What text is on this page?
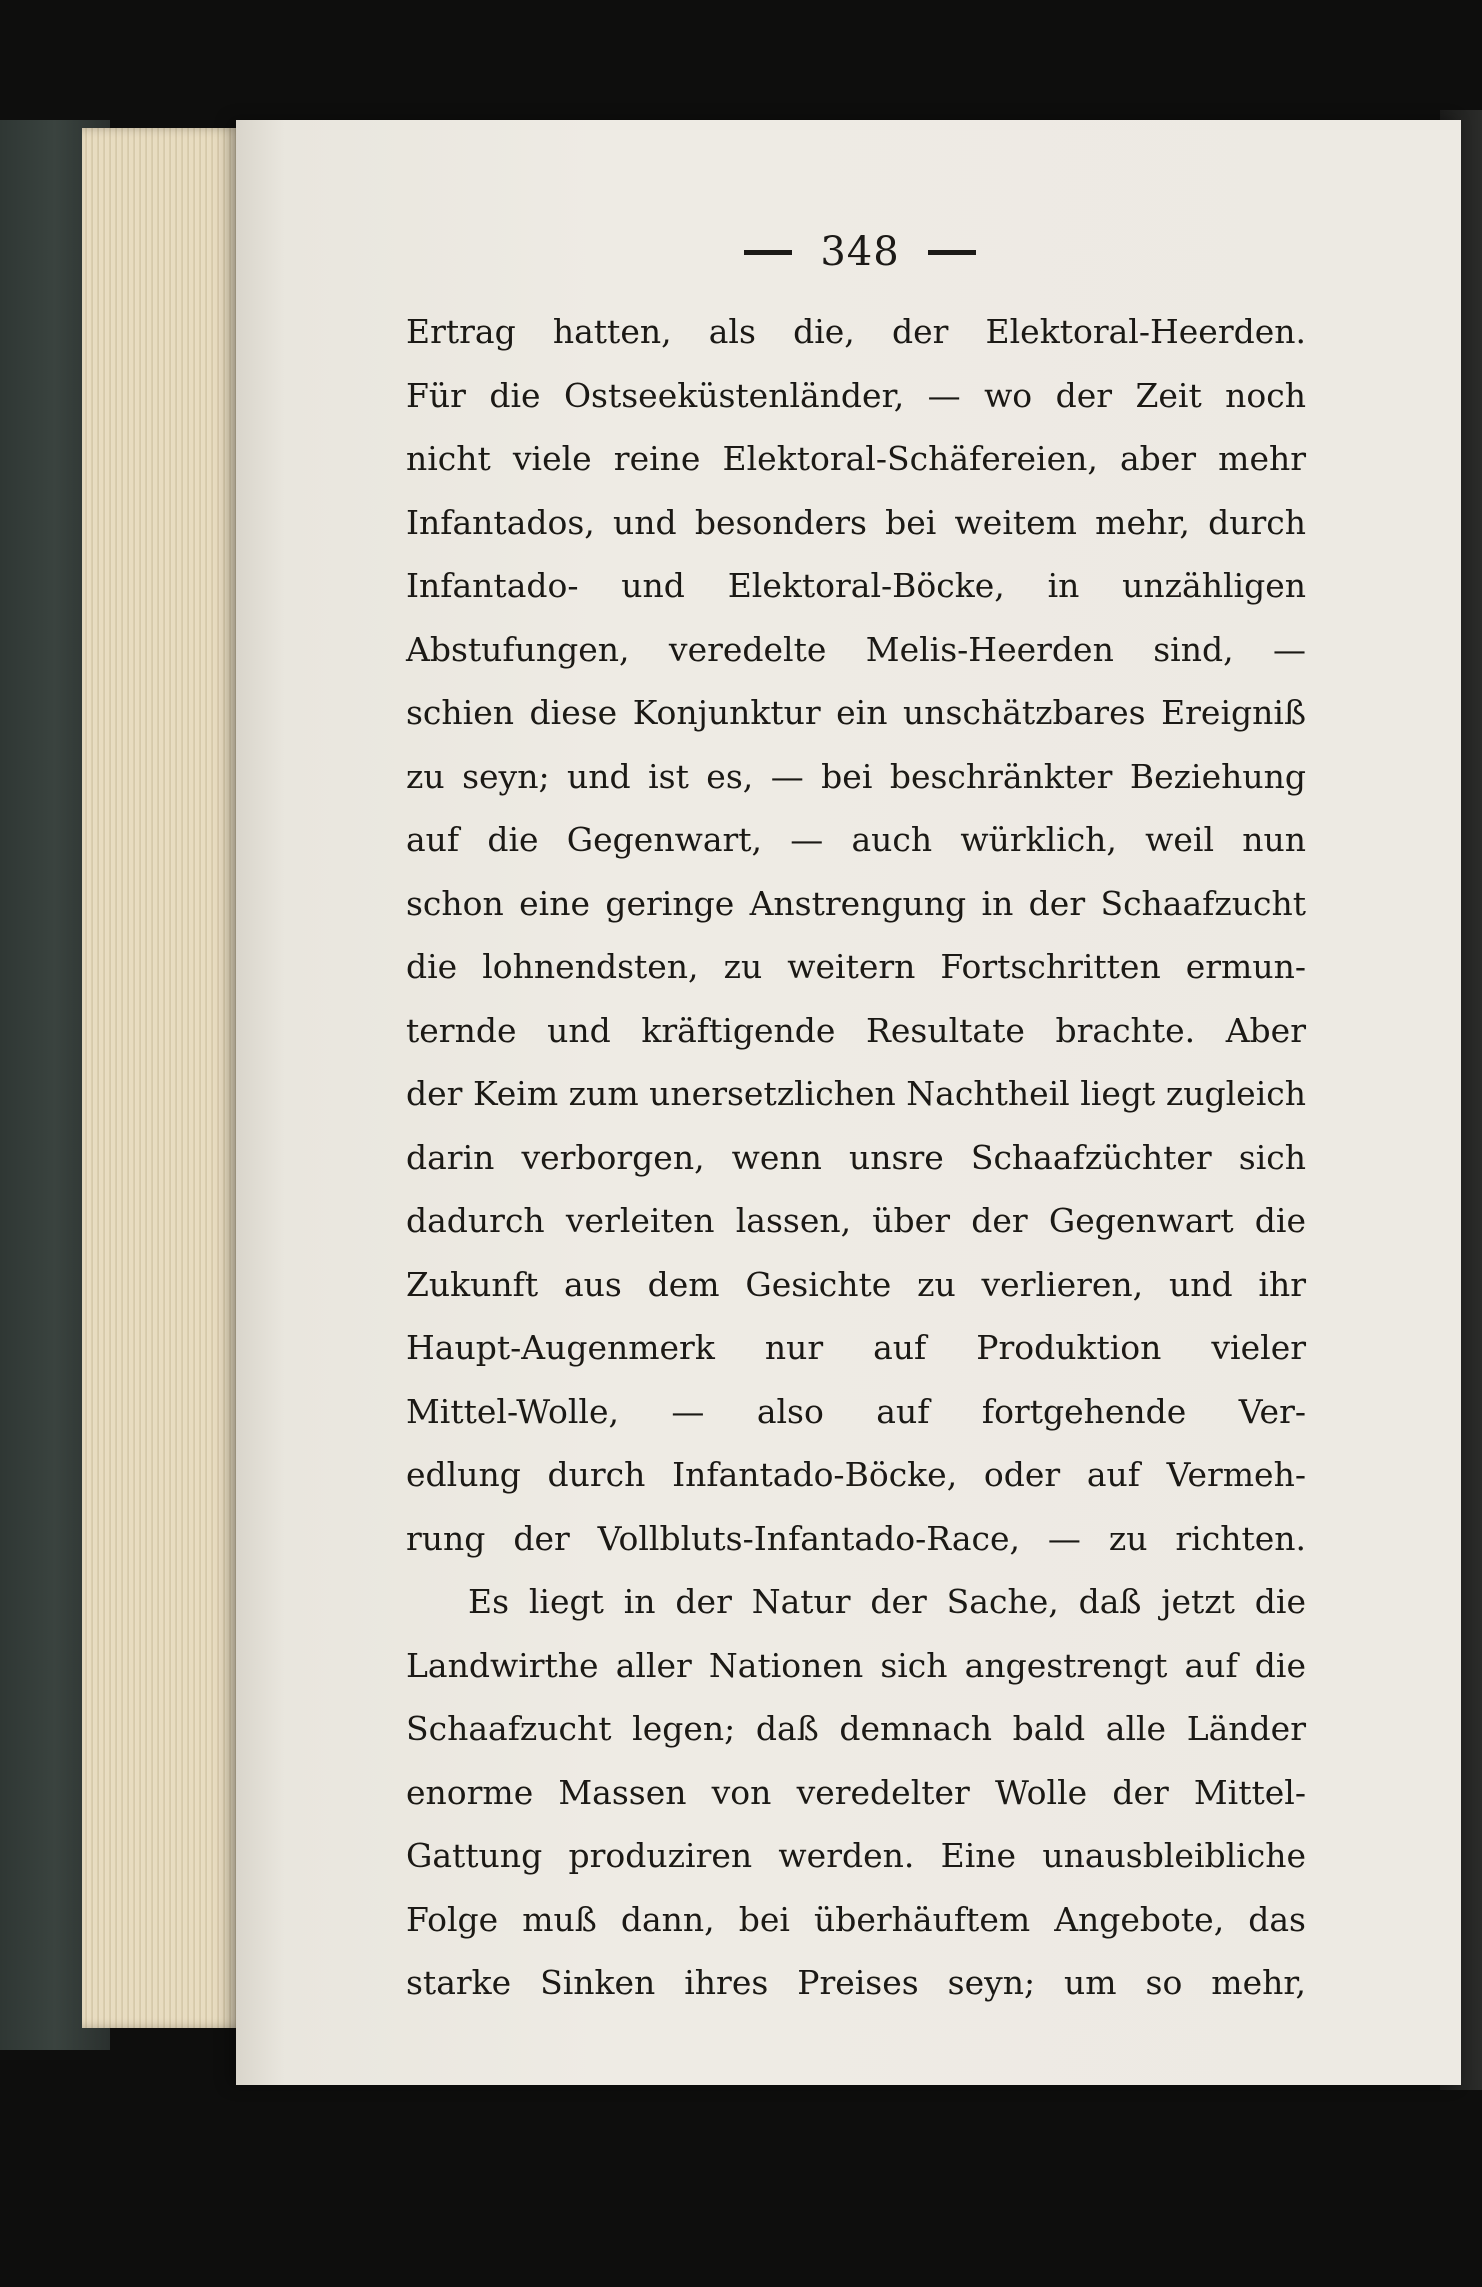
348
Ertrag hatten, als die, der Elektoral-Heerden.
Für die Ostseeküstenländer, — wo der Zeit noch
nicht viele reine Elektoral-Schäfereien, aber mehr
Infantados, und besonders bei weitem mehr, durch
Infantado- und Elektoral-Böcke, in unzähligen
Abstufungen, veredelte Melis-Heerden sind, —
schien diese Konjunktur ein unschätzbares Ereigniß
zu seyn; und ist es, — bei beschränkter Beziehung
auf die Gegenwart, — auch würklich, weil nun
schon eine geringe Anstrengung in der Schaafzucht
die lohnendsten, zu weitern Fortschritten ermun-
ternde und kräftigende Resultate brachte. Aber
der Keim zum unersetzlichen Nachtheil liegt zugleich
darin verborgen, wenn unsre Schaafzüchter sich
dadurch verleiten lassen, über der Gegenwart die
Zukunft aus dem Gesichte zu verlieren, und ihr
Haupt-Augenmerk nur auf Produktion vieler
Mittel-Wolle, — also auf fortgehende Ver-
edlung durch Infantado-Böcke, oder auf Vermeh-
rung der Vollbluts-Infantado-Race, — zu richten.
Es liegt in der Natur der Sache, daß jetzt die
Landwirthe aller Nationen sich angestrengt auf die
Schaafzucht legen; daß demnach bald alle Länder
enorme Massen von veredelter Wolle der Mittel-
Gattung produziren werden. Eine unausbleibliche
Folge muß dann, bei überhäuftem Angebote, das
starke Sinken ihres Preises seyn; um so mehr,
